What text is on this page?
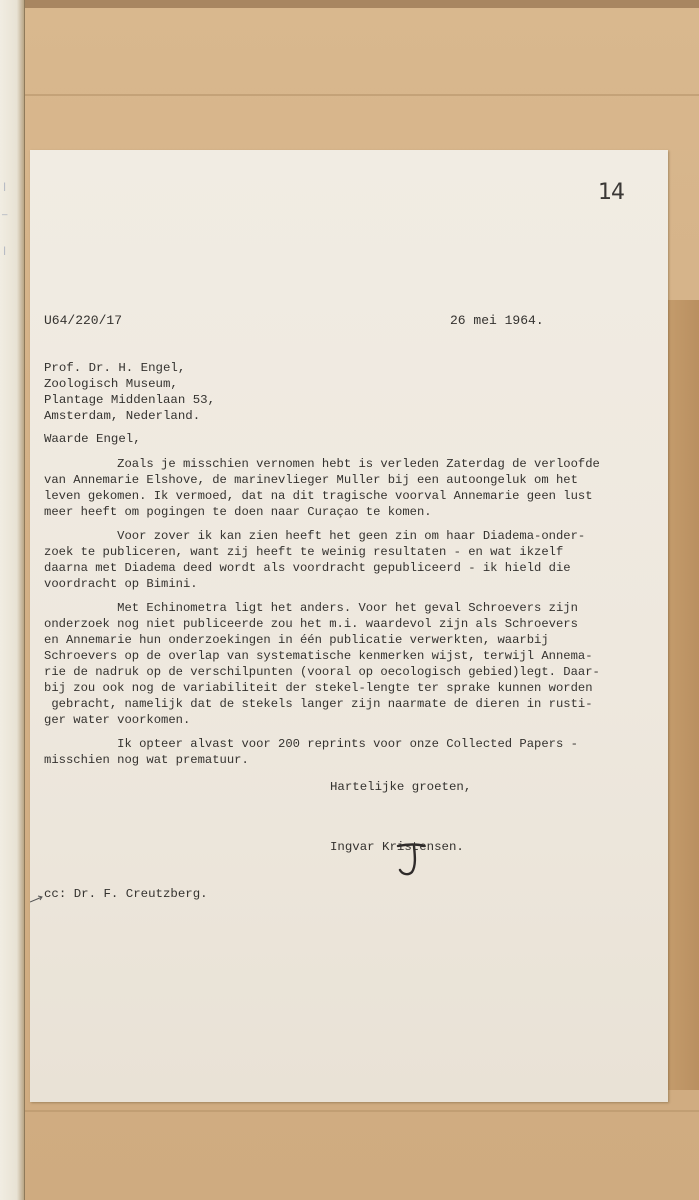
|
—
|
14
U64/220/17	26 mei 1964.
Prof. Dr. H. Engel,
Zoologisch Museum,
Plantage Middenlaan 53,
Amsterdam, Nederland.
Waarde Engel,
Zoals je misschien vernomen hebt is verleden Zaterdag de verloofde
van Annemarie Elshove, de marinevlieger Muller bij een autoongeluk om het
leven gekomen. Ik vermoed, dat na dit tragische voorval Annemarie geen lust
meer heeft om pogingen te doen naar Curaçao te komen.
Voor zover ik kan zien heeft het geen zin om haar Diadema-onder-
zoek te publiceren, want zij heeft te weinig resultaten - en wat ikzelf
daarna met Diadema deed wordt als voordracht gepubliceerd - ik hield die
voordracht op Bimini.
Met Echinometra ligt het anders. Voor het geval Schroevers zijn
onderzoek nog niet publiceerde zou het m.i. waardevol zijn als Schroevers
en Annemarie hun onderzoekingen in één publicatie verwerkten, waarbij
Schroevers op de overlap van systematische kenmerken wijst, terwijl Annema-
rie de nadruk op de verschilpunten (vooral op oecologisch gebied)legt. Daar-
bij zou ook nog de variabiliteit der stekel-lengte ter sprake kunnen worden
gebracht, namelijk dat de stekels langer zijn naarmate de dieren in rusti-
ger water voorkomen.
Ik opteer alvast voor 200 reprints voor onze Collected Papers -
misschien nog wat prematuur.
Hartelijke groeten,
Ingvar Kristensen.
cc: Dr. F. Creutzberg.
